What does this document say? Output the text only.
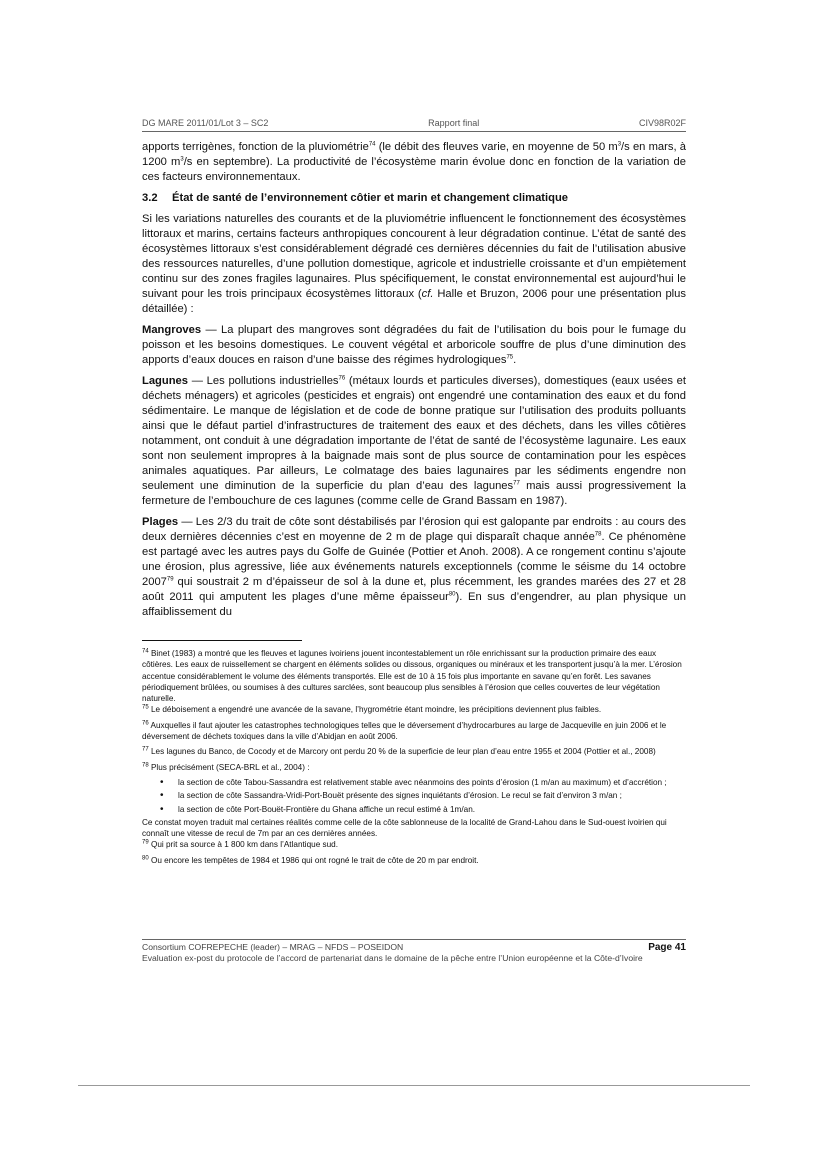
DG MARE 2011/01/Lot 3 – SC2	Rapport final	CIV98R02F

apports terrigènes, fonction de la pluviométrie$^{74}$ (le débit des fleuves varie, en moyenne de 50 $m^3/s$ en mars, à 1200 $m^3/s$ en septembre). La productivité de l’écosystème marin évolue donc en fonction de la variation de ces facteurs environnementaux.

3.2	État de santé de l’environnement côtier et marin et changement climatique

Si les variations naturelles des courants et de la pluviométrie influencent le fonctionnement des écosystèmes littoraux et marins, certains facteurs anthropiques concourent à leur dégradation continue. L’état de santé des écosystèmes littoraux s’est considérablement dégradé ces dernières décennies du fait de l’utilisation abusive des ressources naturelles, d’une pollution domestique, agricole et industrielle croissante et d’un empiètement continu sur des zones fragiles lagunaires. Plus spécifiquement, le constat environnemental est aujourd’hui le suivant pour les trois principaux écosystèmes littoraux (cf. Halle et Bruzon, 2006 pour une présentation plus détaillée) :

Mangroves — La plupart des mangroves sont dégradées du fait de l’utilisation du bois pour le fumage du poisson et les besoins domestiques. Le couvent végétal et arboricole souffre de plus d’une diminution des apports d’eaux douces en raison d’une baisse des régimes hydrologiques$^{75}$.

Lagunes — Les pollutions industrielles$^{76}$ (métaux lourds et particules diverses), domestiques (eaux usées et déchets ménagers) et agricoles (pesticides et engrais) ont engendré une contamination des eaux et du fond sédimentaire. Le manque de législation et de code de bonne pratique sur l’utilisation des produits polluants ainsi que le défaut partiel d’infrastructures de traitement des eaux et des déchets, dans les villes côtières notamment, ont conduit à une dégradation importante de l’état de santé de l’écosystème lagunaire. Les eaux sont non seulement impropres à la baignade mais sont de plus source de contamination pour les espèces animales aquatiques. Par ailleurs, Le colmatage des baies lagunaires par les sédiments engendre non seulement une diminution de la superficie du plan d’eau des lagunes$^{77}$ mais aussi progressivement la fermeture de l’embouchure de ces lagunes (comme celle de Grand Bassam en 1987).

Plages — Les 2/3 du trait de côte sont déstabilisés par l’érosion qui est galopante par endroits : au cours des deux dernières décennies c’est en moyenne de 2 m de plage qui disparaît chaque année$^{78}$. Ce phénomène est partagé avec les autres pays du Golfe de Guinée (Pottier et Anoh. 2008). A ce rongement continu s’ajoute une érosion, plus agressive, liée aux événements naturels exceptionnels (comme le séisme du 14 octobre 2007$^{79}$ qui soustrait 2 m d’épaisseur de sol à la dune et, plus récemment, les grandes marées des 27 et 28 août 2011 qui amputent les plages d’une même épaisseur$^{80}$). En sus d’engendrer, au plan physique un affaiblissement du

$^{74}$ Binet (1983) a montré que les fleuves et lagunes ivoiriens jouent incontestablement un rôle enrichissant sur la production primaire des eaux côtières. Les eaux de ruissellement se chargent en éléments solides ou dissous, organiques ou minéraux et les transportent jusqu’à la mer. L’érosion accentue considérablement le volume des éléments transportés. Elle est de 10 à 15 fois plus importante en savane qu’en forêt. Les savanes périodiquement brûlées, ou soumises à des cultures sarclées, sont beaucoup plus sensibles à l’érosion que celles couvertes de leur végétation naturelle.

$^{75}$ Le déboisement a engendré une avancée de la savane, l’hygrométrie étant moindre, les précipitions deviennent plus faibles.

$^{76}$ Auxquelles il faut ajouter les catastrophes technologiques telles que le déversement d’hydrocarbures au large de Jacqueville en juin 2006 et le déversement de déchets toxiques dans la ville d’Abidjan en août 2006.

$^{77}$ Les lagunes du Banco, de Cocody et de Marcory ont perdu 20 % de la superficie de leur plan d’eau entre 1955 et 2004 (Pottier et al., 2008)

$^{78}$ Plus précisément (SECA-BRL et al., 2004) :

• la section de côte Tabou-Sassandra est relativement stable avec néanmoins des points d’érosion (1 m/an au maximum) et d’accrétion ;
• la section de côte Sassandra-Vridi-Port-Bouët présente des signes inquiétants d’érosion. Le recul se fait d’environ 3 m/an ;
• la section de côte Port-Bouët-Frontière du Ghana affiche un recul estimé à 1m/an.

Ce constat moyen traduit mal certaines réalités comme celle de la côte sablonneuse de la localité de Grand-Lahou dans le Sud-ouest ivoirien qui connaît une vitesse de recul de 7m par an ces dernières années.

$^{79}$ Qui prit sa source à 1 800 km dans l’Atlantique sud.

$^{80}$ Ou encore les tempêtes de 1984 et 1986 qui ont rogné le trait de côte de 20 m par endroit.

Consortium COFREPECHE (leader) – MRAG – NFDS – POSEIDON	Page 41
Evaluation ex-post du protocole de l’accord de partenariat dans le domaine de la pêche entre l’Union européenne et la Côte-d’Ivoire
